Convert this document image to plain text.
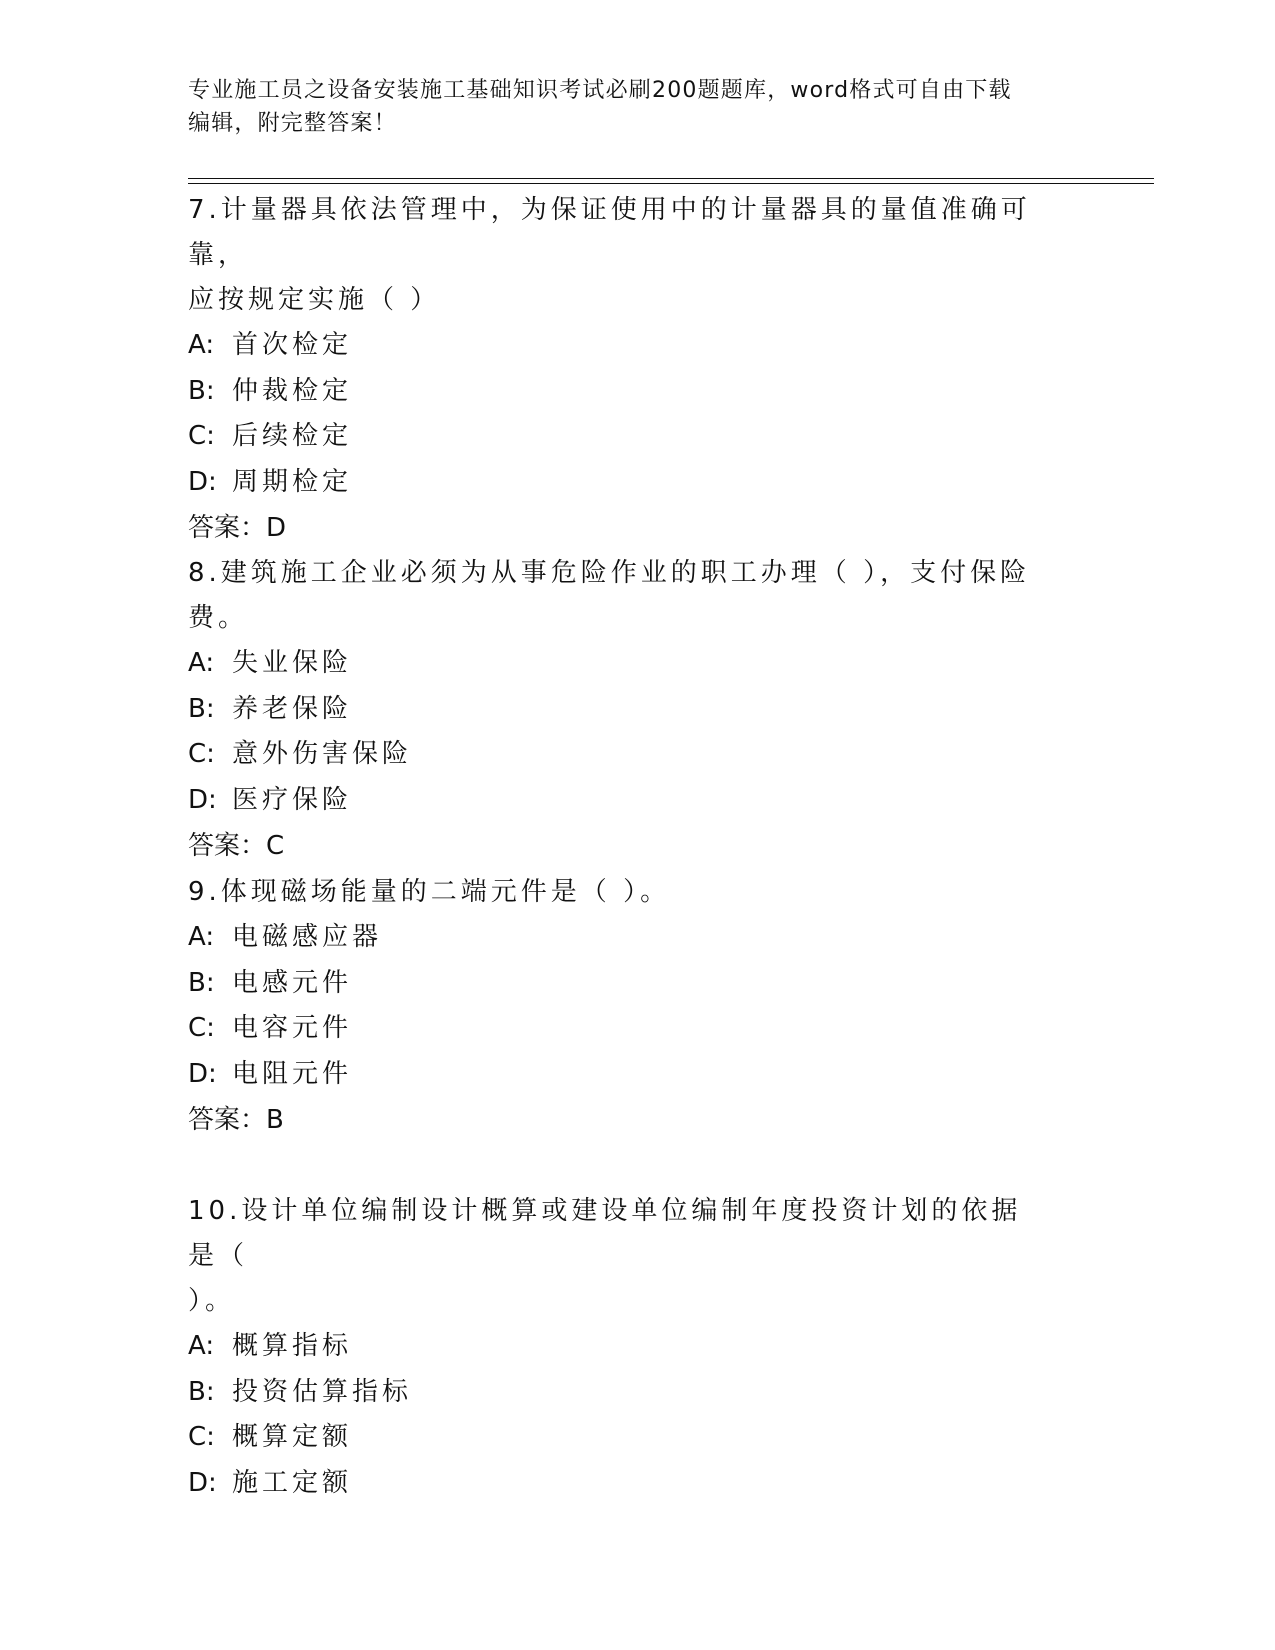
专业施工员之设备安装施工基础知识考试必刷200题题库，word格式可自由下载
编辑，附完整答案！
7.计量器具依法管理中，为保证使用中的计量器具的量值准确可靠，
应按规定实施（ ）
A: 首次检定
B: 仲裁检定
C: 后续检定
D: 周期检定
答案：D
8.建筑施工企业必须为从事危险作业的职工办理（ ），支付保险费。
A: 失业保险
B: 养老保险
C: 意外伤害保险
D: 医疗保险
答案：C
9.体现磁场能量的二端元件是（ ）。
A: 电磁感应器
B: 电感元件
C: 电容元件
D: 电阻元件
答案：B
10.设计单位编制设计概算或建设单位编制年度投资计划的依据是（
）。
A: 概算指标
B: 投资估算指标
C: 概算定额
D: 施工定额
